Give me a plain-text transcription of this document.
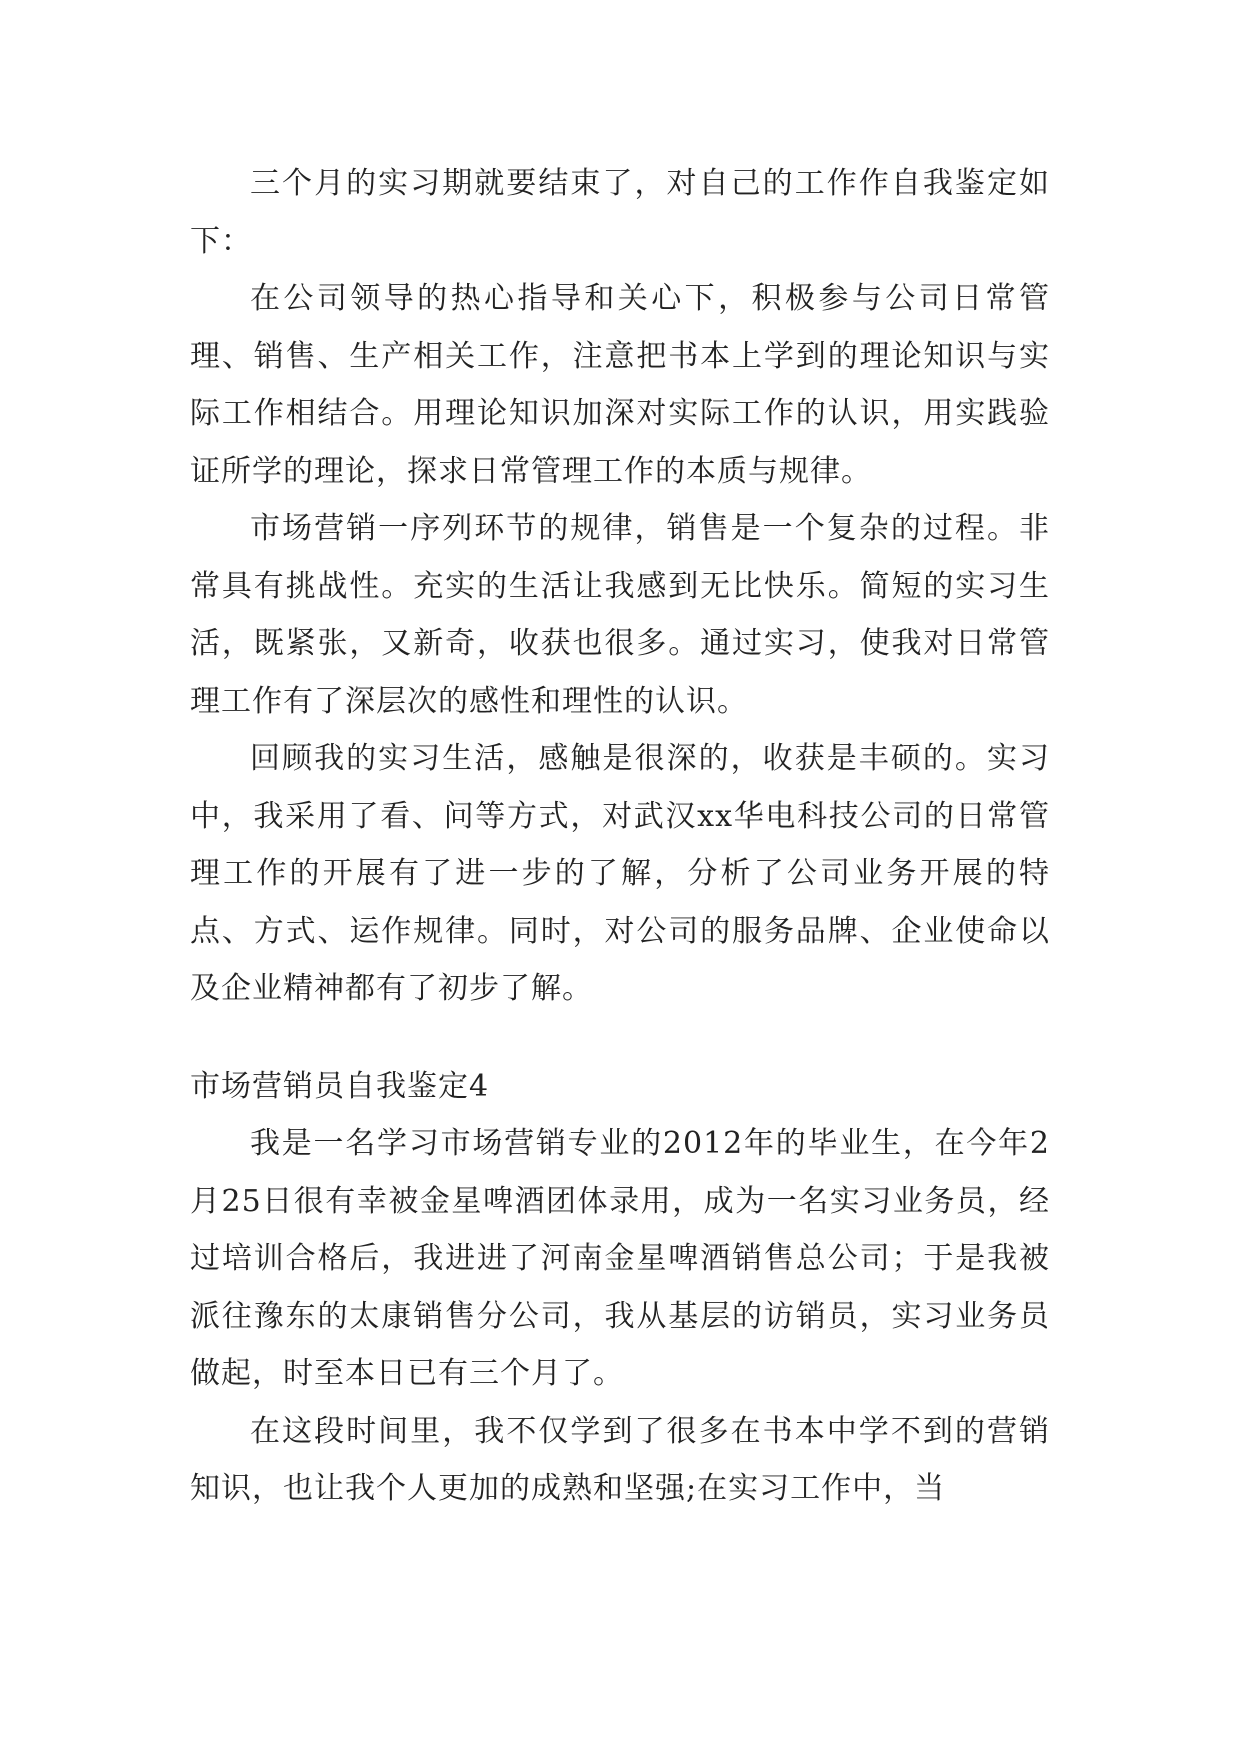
三个月的实习期就要结束了，对自己的工作作自我鉴定如下：

在公司领导的热心指导和关心下，积极参与公司日常管理、销售、生产相关工作，注意把书本上学到的理论知识与实际工作相结合。用理论知识加深对实际工作的认识，用实践验证所学的理论，探求日常管理工作的本质与规律。

市场营销一序列环节的规律，销售是一个复杂的过程。非常具有挑战性。充实的生活让我感到无比快乐。简短的实习生活，既紧张，又新奇，收获也很多。通过实习，使我对日常管理工作有了深层次的感性和理性的认识。

回顾我的实习生活，感触是很深的，收获是丰硕的。实习中，我采用了看、问等方式，对武汉xx华电科技公司的日常管理工作的开展有了进一步的了解，分析了公司业务开展的特点、方式、运作规律。同时，对公司的服务品牌、企业使命以及企业精神都有了初步了解。

市场营销员自我鉴定4

我是一名学习市场营销专业的2012年的毕业生，在今年2月25日很有幸被金星啤酒团体录用，成为一名实习业务员，经过培训合格后，我进进了河南金星啤酒销售总公司；于是我被派往豫东的太康销售分公司，我从基层的访销员，实习业务员做起，时至本日已有三个月了。

在这段时间里，我不仅学到了很多在书本中学不到的营销知识，也让我个人更加的成熟和坚强;在实习工作中，当
